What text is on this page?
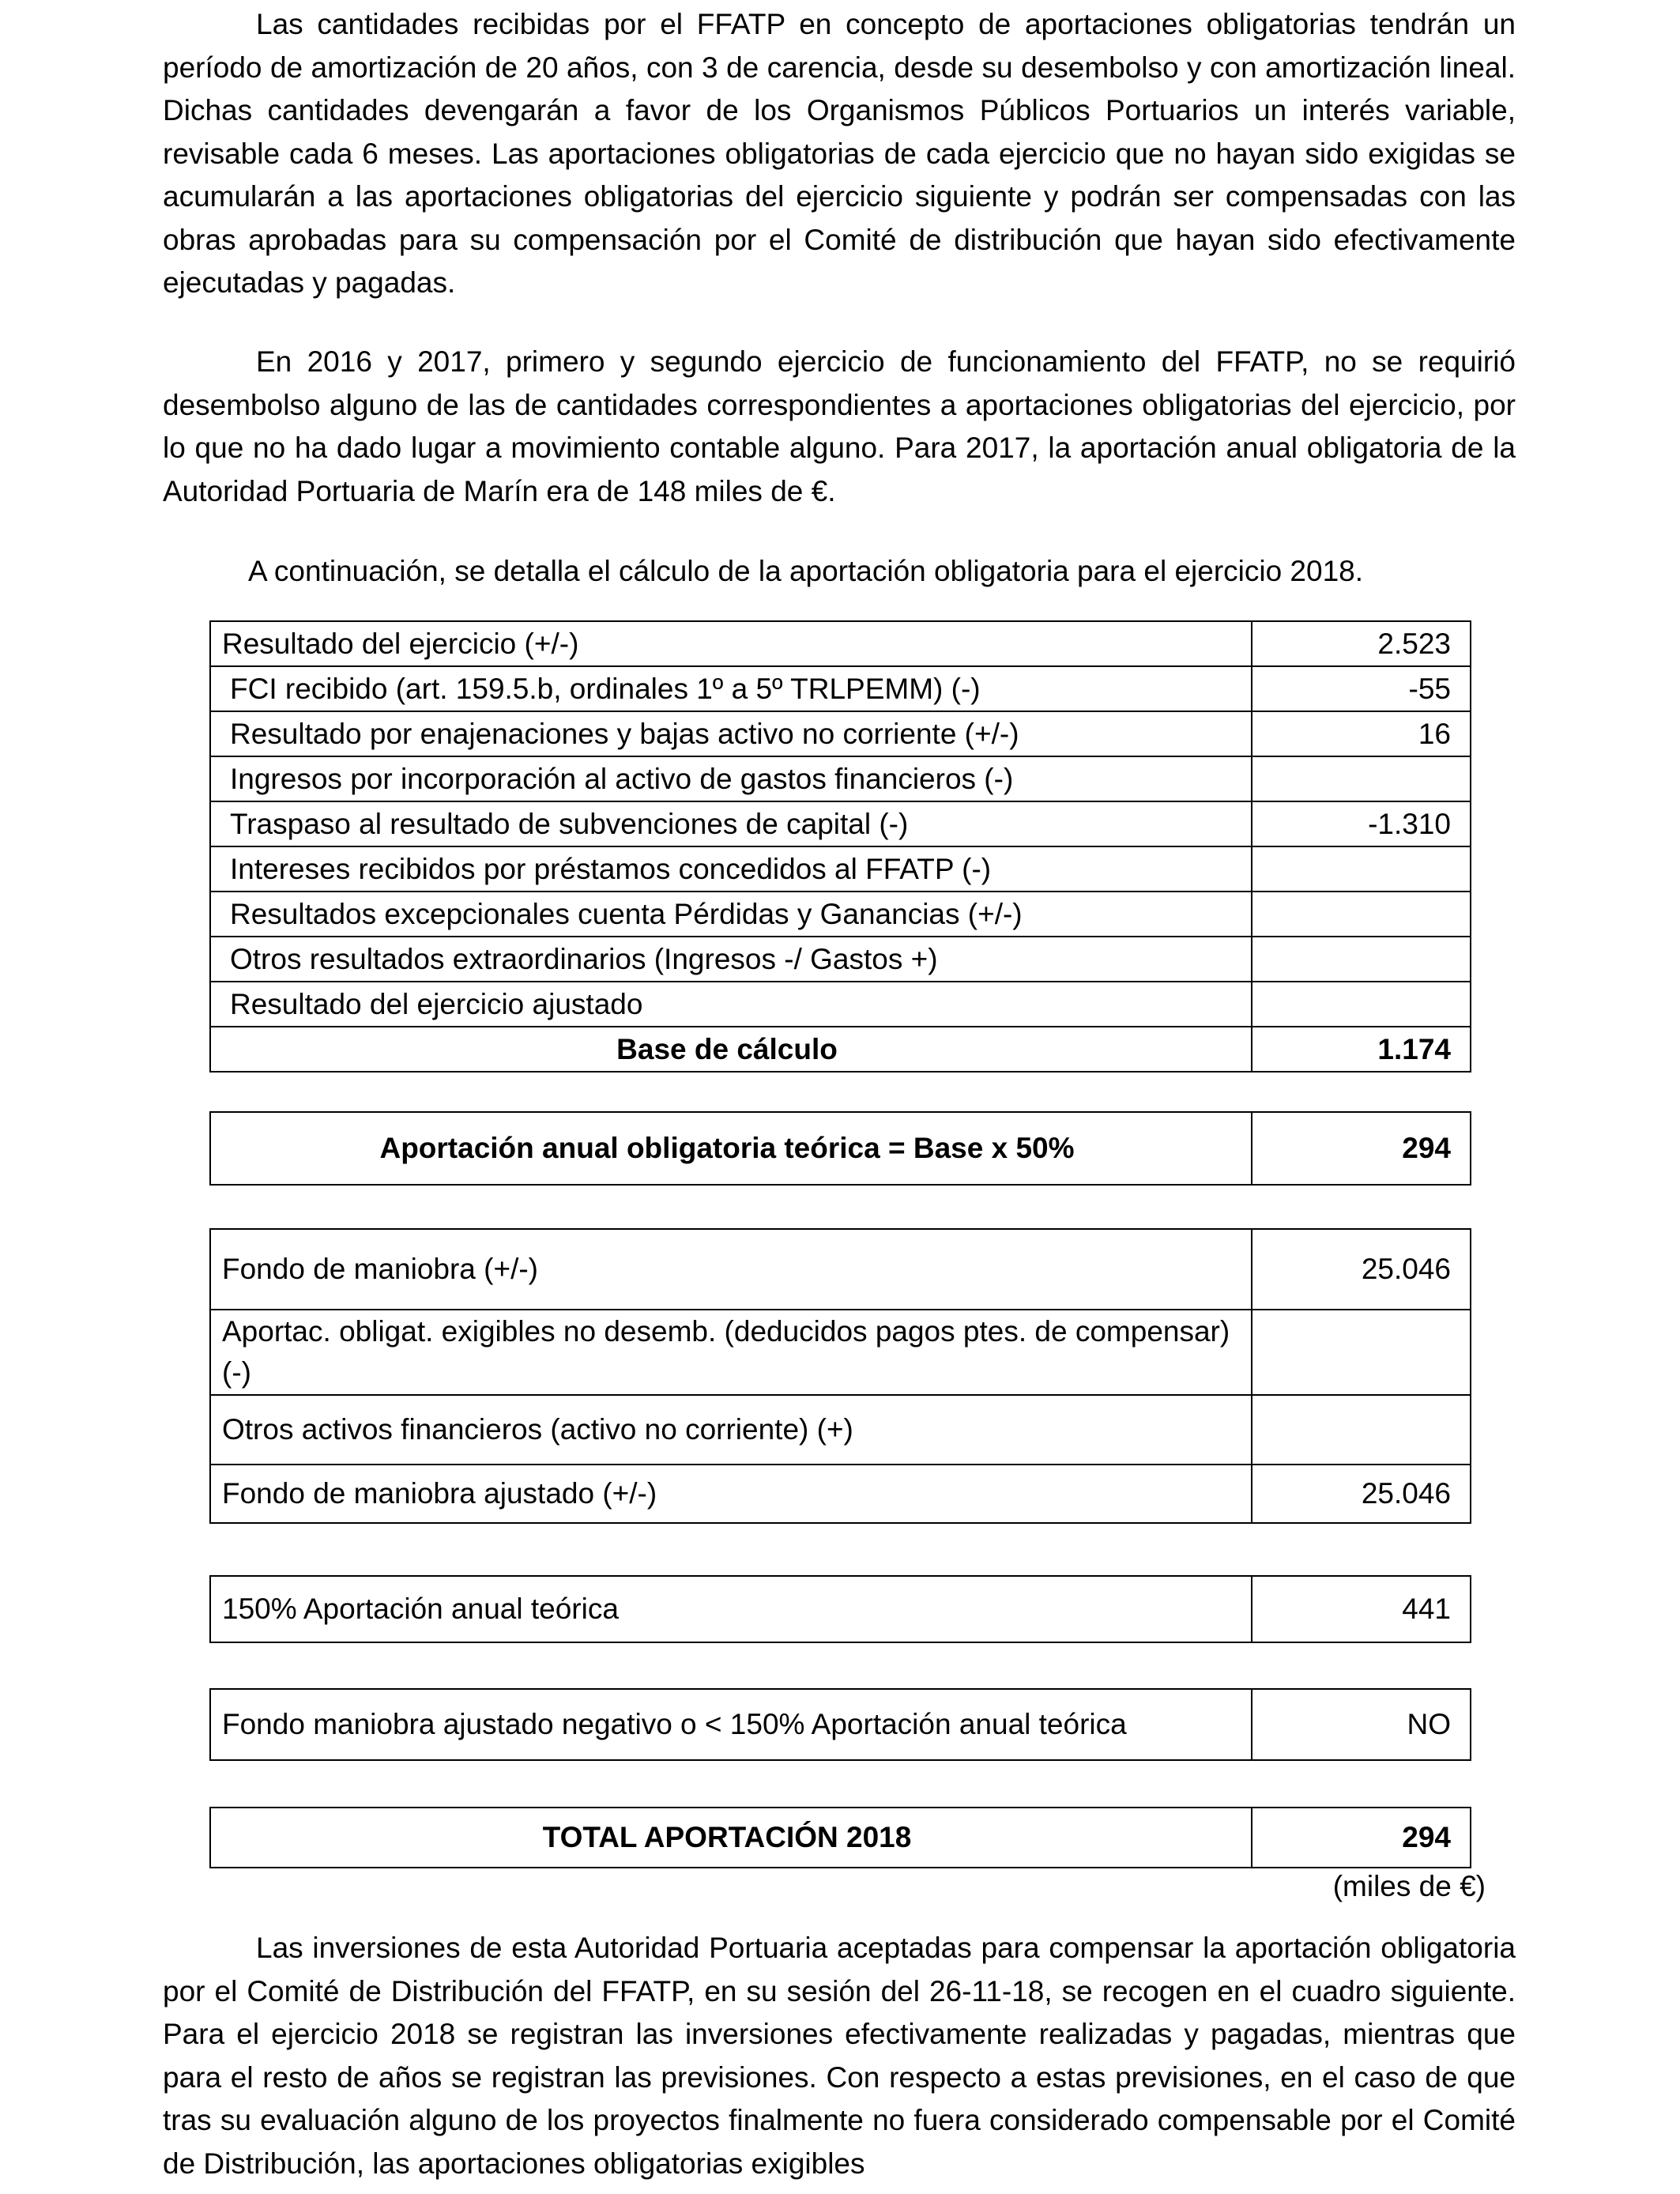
Las cantidades recibidas por el FFATP en concepto de aportaciones obligatorias tendrán un período de amortización de 20 años, con 3 de carencia, desde su desembolso y con amortización lineal. Dichas cantidades devengarán a favor de los Organismos Públicos Portuarios un interés variable, revisable cada 6 meses. Las aportaciones obligatorias de cada ejercicio que no hayan sido exigidas se acumularán a las aportaciones obligatorias del ejercicio siguiente y podrán ser compensadas con las obras aprobadas para su compensación por el Comité de distribución que hayan sido efectivamente ejecutadas y pagadas.

En 2016 y 2017, primero y segundo ejercicio de funcionamiento del FFATP, no se requirió desembolso alguno de las de cantidades correspondientes a aportaciones obligatorias del ejercicio, por lo que no ha dado lugar a movimiento contable alguno. Para 2017, la aportación anual obligatoria de la Autoridad Portuaria de Marín era de 148 miles de €.

A continuación, se detalla el cálculo de la aportación obligatoria para el ejercicio 2018.

Resultado del ejercicio (+/-)	2.523
FCI recibido (art. 159.5.b, ordinales 1º a 5º TRLPEMM) (-)	-55
Resultado por enajenaciones y bajas activo no corriente (+/-)	16
Ingresos por incorporación al activo de gastos financieros (-)	
Traspaso al resultado de subvenciones de capital (-)	-1.310
Intereses recibidos por préstamos concedidos al FFATP (-)	
Resultados excepcionales cuenta Pérdidas y Ganancias (+/-)	
Otros resultados extraordinarios (Ingresos -/ Gastos +)	
Resultado del ejercicio ajustado	
Base de cálculo	1.174
Aportación anual obligatoria teórica = Base x 50%	294
Fondo de maniobra (+/-)	25.046
Aportac. obligat. exigibles no desemb. (deducidos pagos ptes. de compensar) (-)	
Otros activos financieros (activo no corriente) (+)	
Fondo de maniobra ajustado (+/-)	25.046
150% Aportación anual teórica	441
Fondo maniobra ajustado negativo o < 150% Aportación anual teórica	NO
TOTAL APORTACIÓN 2018	294
(miles de €)

Las inversiones de esta Autoridad Portuaria aceptadas para compensar la aportación obligatoria por el Comité de Distribución del FFATP, en su sesión del 26-11-18, se recogen en el cuadro siguiente. Para el ejercicio 2018 se registran las inversiones efectivamente realizadas y pagadas, mientras que para el resto de años se registran las previsiones. Con respecto a estas previsiones, en el caso de que tras su evaluación alguno de los proyectos finalmente no fuera considerado compensable por el Comité de Distribución, las aportaciones obligatorias exigibles
